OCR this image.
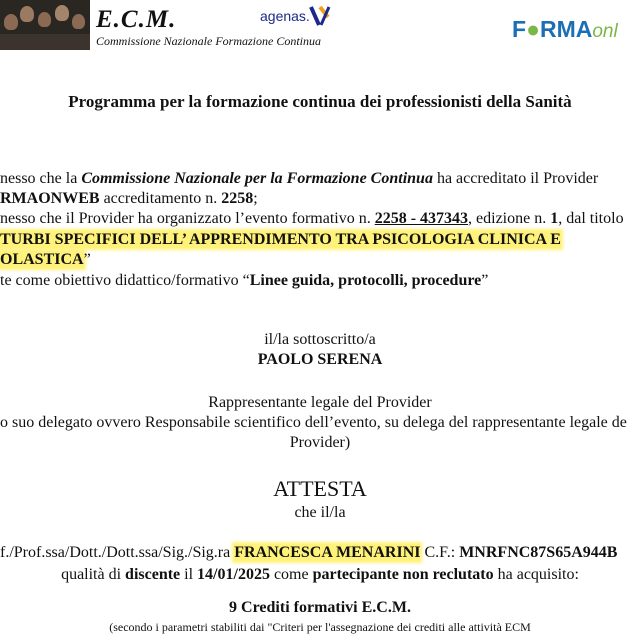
E.C.M.
Commissione Nazionale Formazione Continua
agenas.	F●RMAonl
Programma per la formazione continua dei professionisti della Sanità
nesso che la Commissione Nazionale per la Formazione Continua ha accreditato il Provider
RMAONWEB accreditamento n. 2258;
nesso che il Provider ha organizzato l’evento formativo n. 2258 - 437343, edizione n. 1, dal titolo
TURBI SPECIFICI DELL’ APPRENDIMENTO TRA PSICOLOGIA CLINICA E
OLASTICA”
te come obiettivo didattico/formativo “Linee guida, protocolli, procedure”
il/la sottoscritto/a
PAOLO SERENA
Rappresentante legale del Provider
o suo delegato ovvero Responsabile scientifico dell’evento, su delega del rappresentante legale de
Provider)
ATTESTA
che il/la
f./Prof.ssa/Dott./Dott.ssa/Sig./Sig.ra FRANCESCA MENARINI C.F.: MNRFNC87S65A944B
qualità di discente il 14/01/2025 come partecipante non reclutato ha acquisito:
9 Crediti formativi E.C.M.
(secondo i parametri stabiliti dai "Criteri per l'assegnazione dei crediti alle attività ECM
